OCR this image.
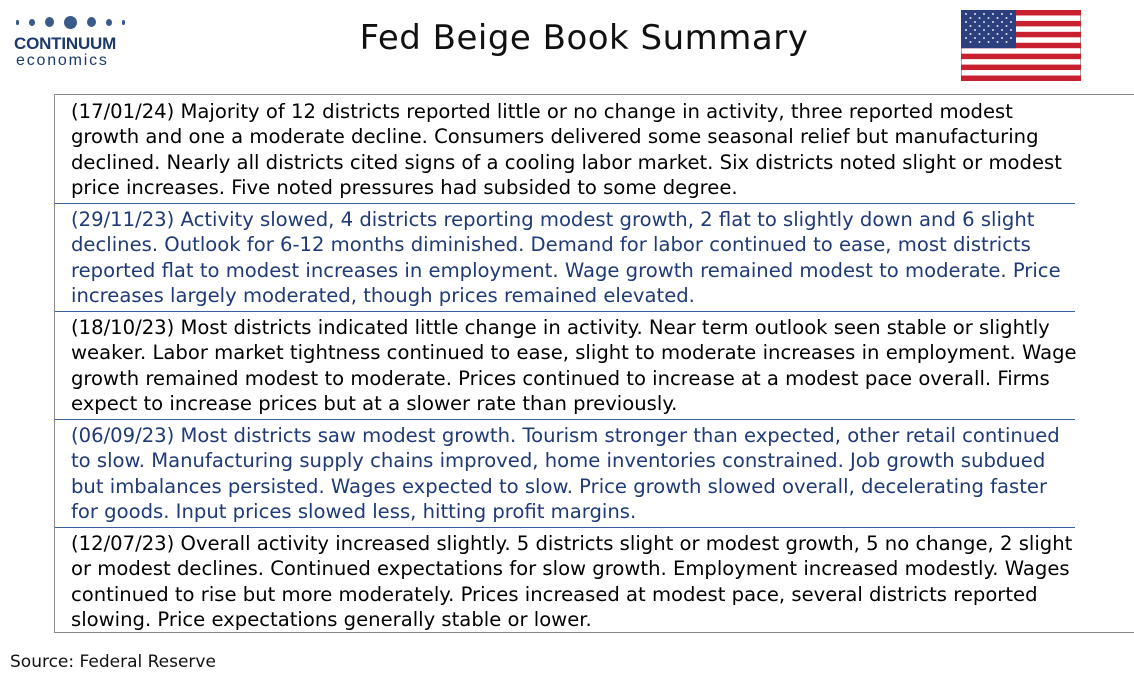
CONTINUUM
economics
Fed Beige Book Summary
(17/01/24) Majority of 12 districts reported little or no change in activity, three reported modest growth and one a moderate decline. Consumers delivered some seasonal relief but manufacturing declined. Nearly all districts cited signs of a cooling labor market. Six districts noted slight or modest price increases. Five noted pressures had subsided to some degree.
(29/11/23) Activity slowed, 4 districts reporting modest growth, 2 flat to slightly down and 6 slight declines. Outlook for 6-12 months diminished. Demand for labor continued to ease, most districts reported flat to modest increases in employment. Wage growth remained modest to moderate. Price increases largely moderated, though prices remained elevated.
(18/10/23) Most districts indicated little change in activity. Near term outlook seen stable or slightly weaker. Labor market tightness continued to ease, slight to moderate increases in employment. Wage growth remained modest to moderate. Prices continued to increase at a modest pace overall. Firms expect to increase prices but at a slower rate than previously.
(06/09/23) Most districts saw modest growth. Tourism stronger than expected, other retail continued to slow. Manufacturing supply chains improved, home inventories constrained. Job growth subdued but imbalances persisted. Wages expected to slow. Price growth slowed overall, decelerating faster for goods. Input prices slowed less, hitting profit margins.
(12/07/23) Overall activity increased slightly. 5 districts slight or modest growth, 5 no change, 2 slight or modest declines. Continued expectations for slow growth. Employment increased modestly. Wages continued to rise but more moderately. Prices increased at modest pace, several districts reported slowing. Price expectations generally stable or lower.
Source: Federal Reserve
